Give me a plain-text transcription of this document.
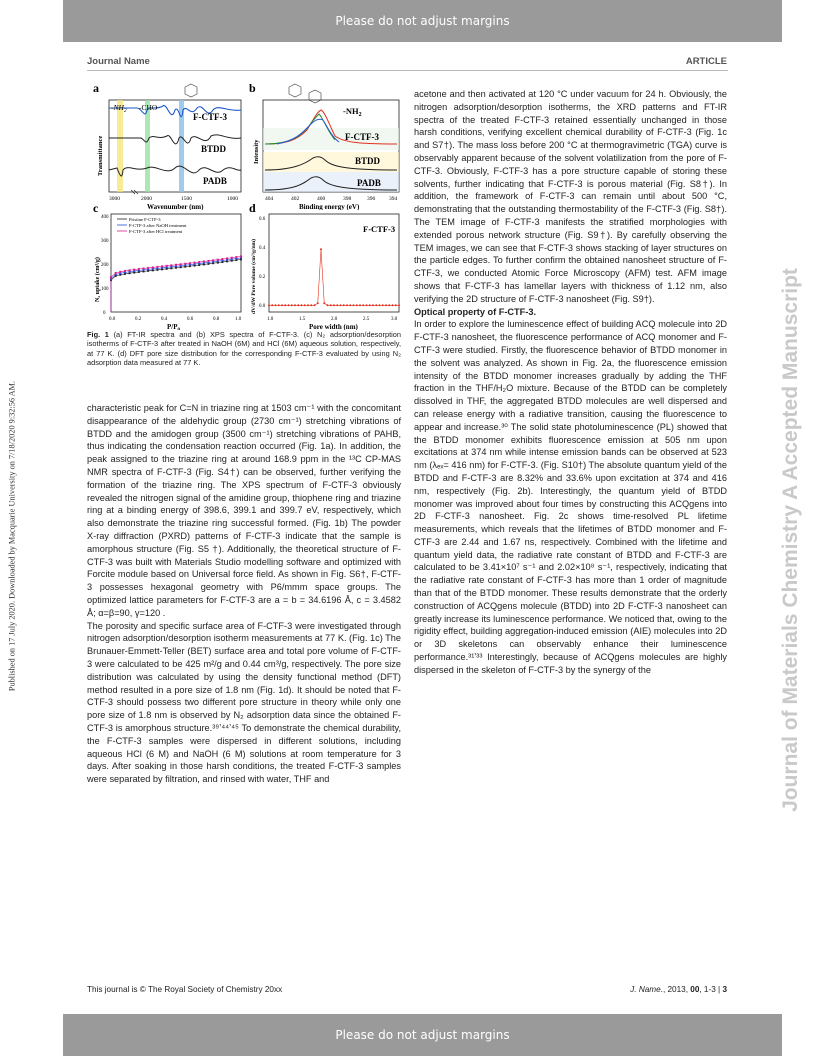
Please do not adjust margins
Journal Name	ARTICLE
Published on 17 July 2020. Downloaded by Macquarie University on 7/18/2020 9:32:56 AM.	Journal of Materials Chemistry A Accepted Manuscript
a
$-NH_2$ -CHO
F-CTF-3
BTDD
PADB
Transmittance
3000	2000	1500	1000
Wavenumber (nm)
b
$-NH_2$
F-CTF-3
BTDD
PADB
Intensity
404	402	400	398	396	394
Binding energy (eV)
c
Pristine F-CTF-3
F-CTF-3 after NaOH treatment
F-CTF-3 after HCl treatment
N₂ uptake (cm³/g)
0
100
200
300
400
0.0	0.2	0.4	0.6	0.8	1.0
P/P
d
F-CTF-3
dV/dW Pore volume (cm³/g/nm) 0.0
0.2
0.4
0.6
1.0	1.5	2.0	2.5	3.0
Pore width (nm)
Fig. 1 (a) FT-IR spectra and (b) XPS spectra of F-CTF-3. (c) N₂ adsorption/desorption isotherms of F-CTF-3 after treated in NaOH (6M) and HCl (6M) aqueous solution, respectively, at 77 K. (d) DFT pore size distribution for the corresponding F-CTF-3 evaluated by using N₂ adsorption data measured at 77 K.

characteristic peak for C=N in triazine ring at 1503 cm⁻¹ with the concomitant disappearance of the aldehydic group (2730 cm⁻¹) stretching vibrations of BTDD and the amidogen group (3500 cm⁻¹) stretching vibrations of PAHB, thus indicating the condensation reaction occurred (Fig. 1a). In addition, the peak assigned to the triazine ring at around 168.9 ppm in the ¹³C CP-MAS NMR spectra of F-CTF-3 (Fig. S4†) can be observed, further verifying the formation of the triazine ring. The XPS spectrum of F-CTF-3 obviously revealed the nitrogen signal of the amidine group, thiophene ring and triazine ring at a binding energy of 398.6, 399.1 and 399.7 eV, respectively, which also demonstrate the triazine ring successful formed. (Fig. 1b) The powder X-ray diffraction (PXRD) patterns of F-CTF-3 indicate that the sample is amorphous structure (Fig. S5 †). Additionally, the theoretical structure of F-CTF-3 was built with Materials Studio modelling software and optimized with Forcite module based on Universal force field. As shown in Fig. S6†, F-CTF-3 possesses hexagonal geometry with P6/mmm space groups. The optimized lattice parameters for F-CTF-3 are a = b = 34.6196 Å, c = 3.4582 Å; α=β=90, γ=120 .

The porosity and specific surface area of F-CTF-3 were investigated through nitrogen adsorption/desorption isotherm measurements at 77 K. (Fig. 1c) The Brunauer-Emmett-Teller (BET) surface area and total pore volume of F-CTF-3 were calculated to be 425 m²/g and 0.44 cm³/g, respectively. The pore size distribution was calculated by using the density functional method (DFT) method resulted in a pore size of 1.8 nm (Fig. 1d). It should be noted that F-CTF-3 should possess two different pore structure in theory while only one pore size of 1.8 nm is observed by N₂ adsorption data since the obtained F-CTF-3 is amorphous structure.³⁹ʼ⁴⁴ʼ⁴⁵ To demonstrate the chemical durability, the F-CTF-3 samples were dispersed in different solutions, including aqueous HCl (6 M) and NaOH (6 M) solutions at room temperature for 3 days. After soaking in those harsh conditions, the treated F-CTF-3 samples were separated by filtration, and rinsed with water, THF and

acetone and then activated at 120 °C under vacuum for 24 h. Obviously, the nitrogen adsorption/desorption isotherms, the XRD patterns and FT-IR spectra of the treated F-CTF-3 retained essentially unchanged in those harsh conditions, verifying excellent chemical durability of F-CTF-3 (Fig. 1c and S7†). The mass loss before 200 °C at thermogravimetric (TGA) curve is observably apparent because of the solvent volatilization from the pore of F-CTF-3. Obviously, F-CTF-3 has a pore structure capable of storing these solvents, further indicating that F-CTF-3 is porous material (Fig. S8†). In addition, the framework of F-CTF-3 can remain until about 500 °C, demonstrating that the outstanding thermostability of the F-CTF-3 (Fig. S8†). The TEM image of F-CTF-3 manifests the stratified morphologies with extended porous network structure (Fig. S9†). By carefully observing the TEM images, we can see that F-CTF-3 shows stacking of layer structures on the particle edges. To further confirm the obtained nanosheet structure of F-CTF-3, we conducted Atomic Force Microscopy (AFM) test. AFM image shows that F-CTF-3 has lamellar layers with thickness of 1.12 nm, also verifying the 2D structure of F-CTF-3 nanosheet (Fig. S9†).

Optical property of F-CTF-3.

In order to explore the luminescence effect of building ACQ molecule into 2D F-CTF-3 nanosheet, the fluorescence performance of ACQ monomer and F-CTF-3 were studied. Firstly, the fluorescence behavior of BTDD monomer in the solvent was analyzed. As shown in Fig. 2a, the fluorescence emission intensity of the BTDD monomer increases gradually by adding the THF fraction in the THF/H₂O mixture. Because of the BTDD can be completely dissolved in THF, the aggregated BTDD molecules are well dispersed and can release energy with a radiative transition, causing the fluorescence to appear and increase.³⁰ The solid state photoluminescence (PL) showed that the BTDD monomer exhibits fluorescence emission at 505 nm upon excitations at 374 nm while intense emission bands can be observed at 523 nm (λₑₓ= 416 nm) for F-CTF-3. (Fig. S10†) The absolute quantum yield of the BTDD and F-CTF-3 are 8.32% and 33.6% upon excitation at 374 and 416 nm, respectively (Fig. 2b). Interestingly, the quantum yield of BTDD monomer was improved about four times by constructing this ACQgens into 2D F-CTF-3 nanosheet. Fig. 2c shows time-resolved PL lifetime measurements, which reveals that the lifetimes of BTDD monomer and F-CTF-3 are 2.44 and 1.67 ns, respectively. Combined with the lifetime and quantum yield data, the radiative rate constant of BTDD and F-CTF-3 are calculated to be 3.41×10⁷ s⁻¹ and 2.02×10⁸ s⁻¹, respectively, indicating that the radiative rate constant of F-CTF-3 has more than 1 order of magnitude than that of the BTDD monomer. These results demonstrate that the orderly construction of ACQgens molecule (BTDD) into 2D F-CTF-3 nanosheet can greatly increase its luminescence performance. We noticed that, owing to the rigidity effect, building aggregation-induced emission (AIE) molecules into 2D or 3D skeletons can observably enhance their luminescence performance.³¹ʼ³³ Interestingly, because of ACQgens molecules are highly dispersed in the skeleton of F-CTF-3 by the synergy of the

This journal is © The Royal Society of Chemistry 20xx	J. Name., 2013, 00, 1-3 | 3
Please do not adjust margins
